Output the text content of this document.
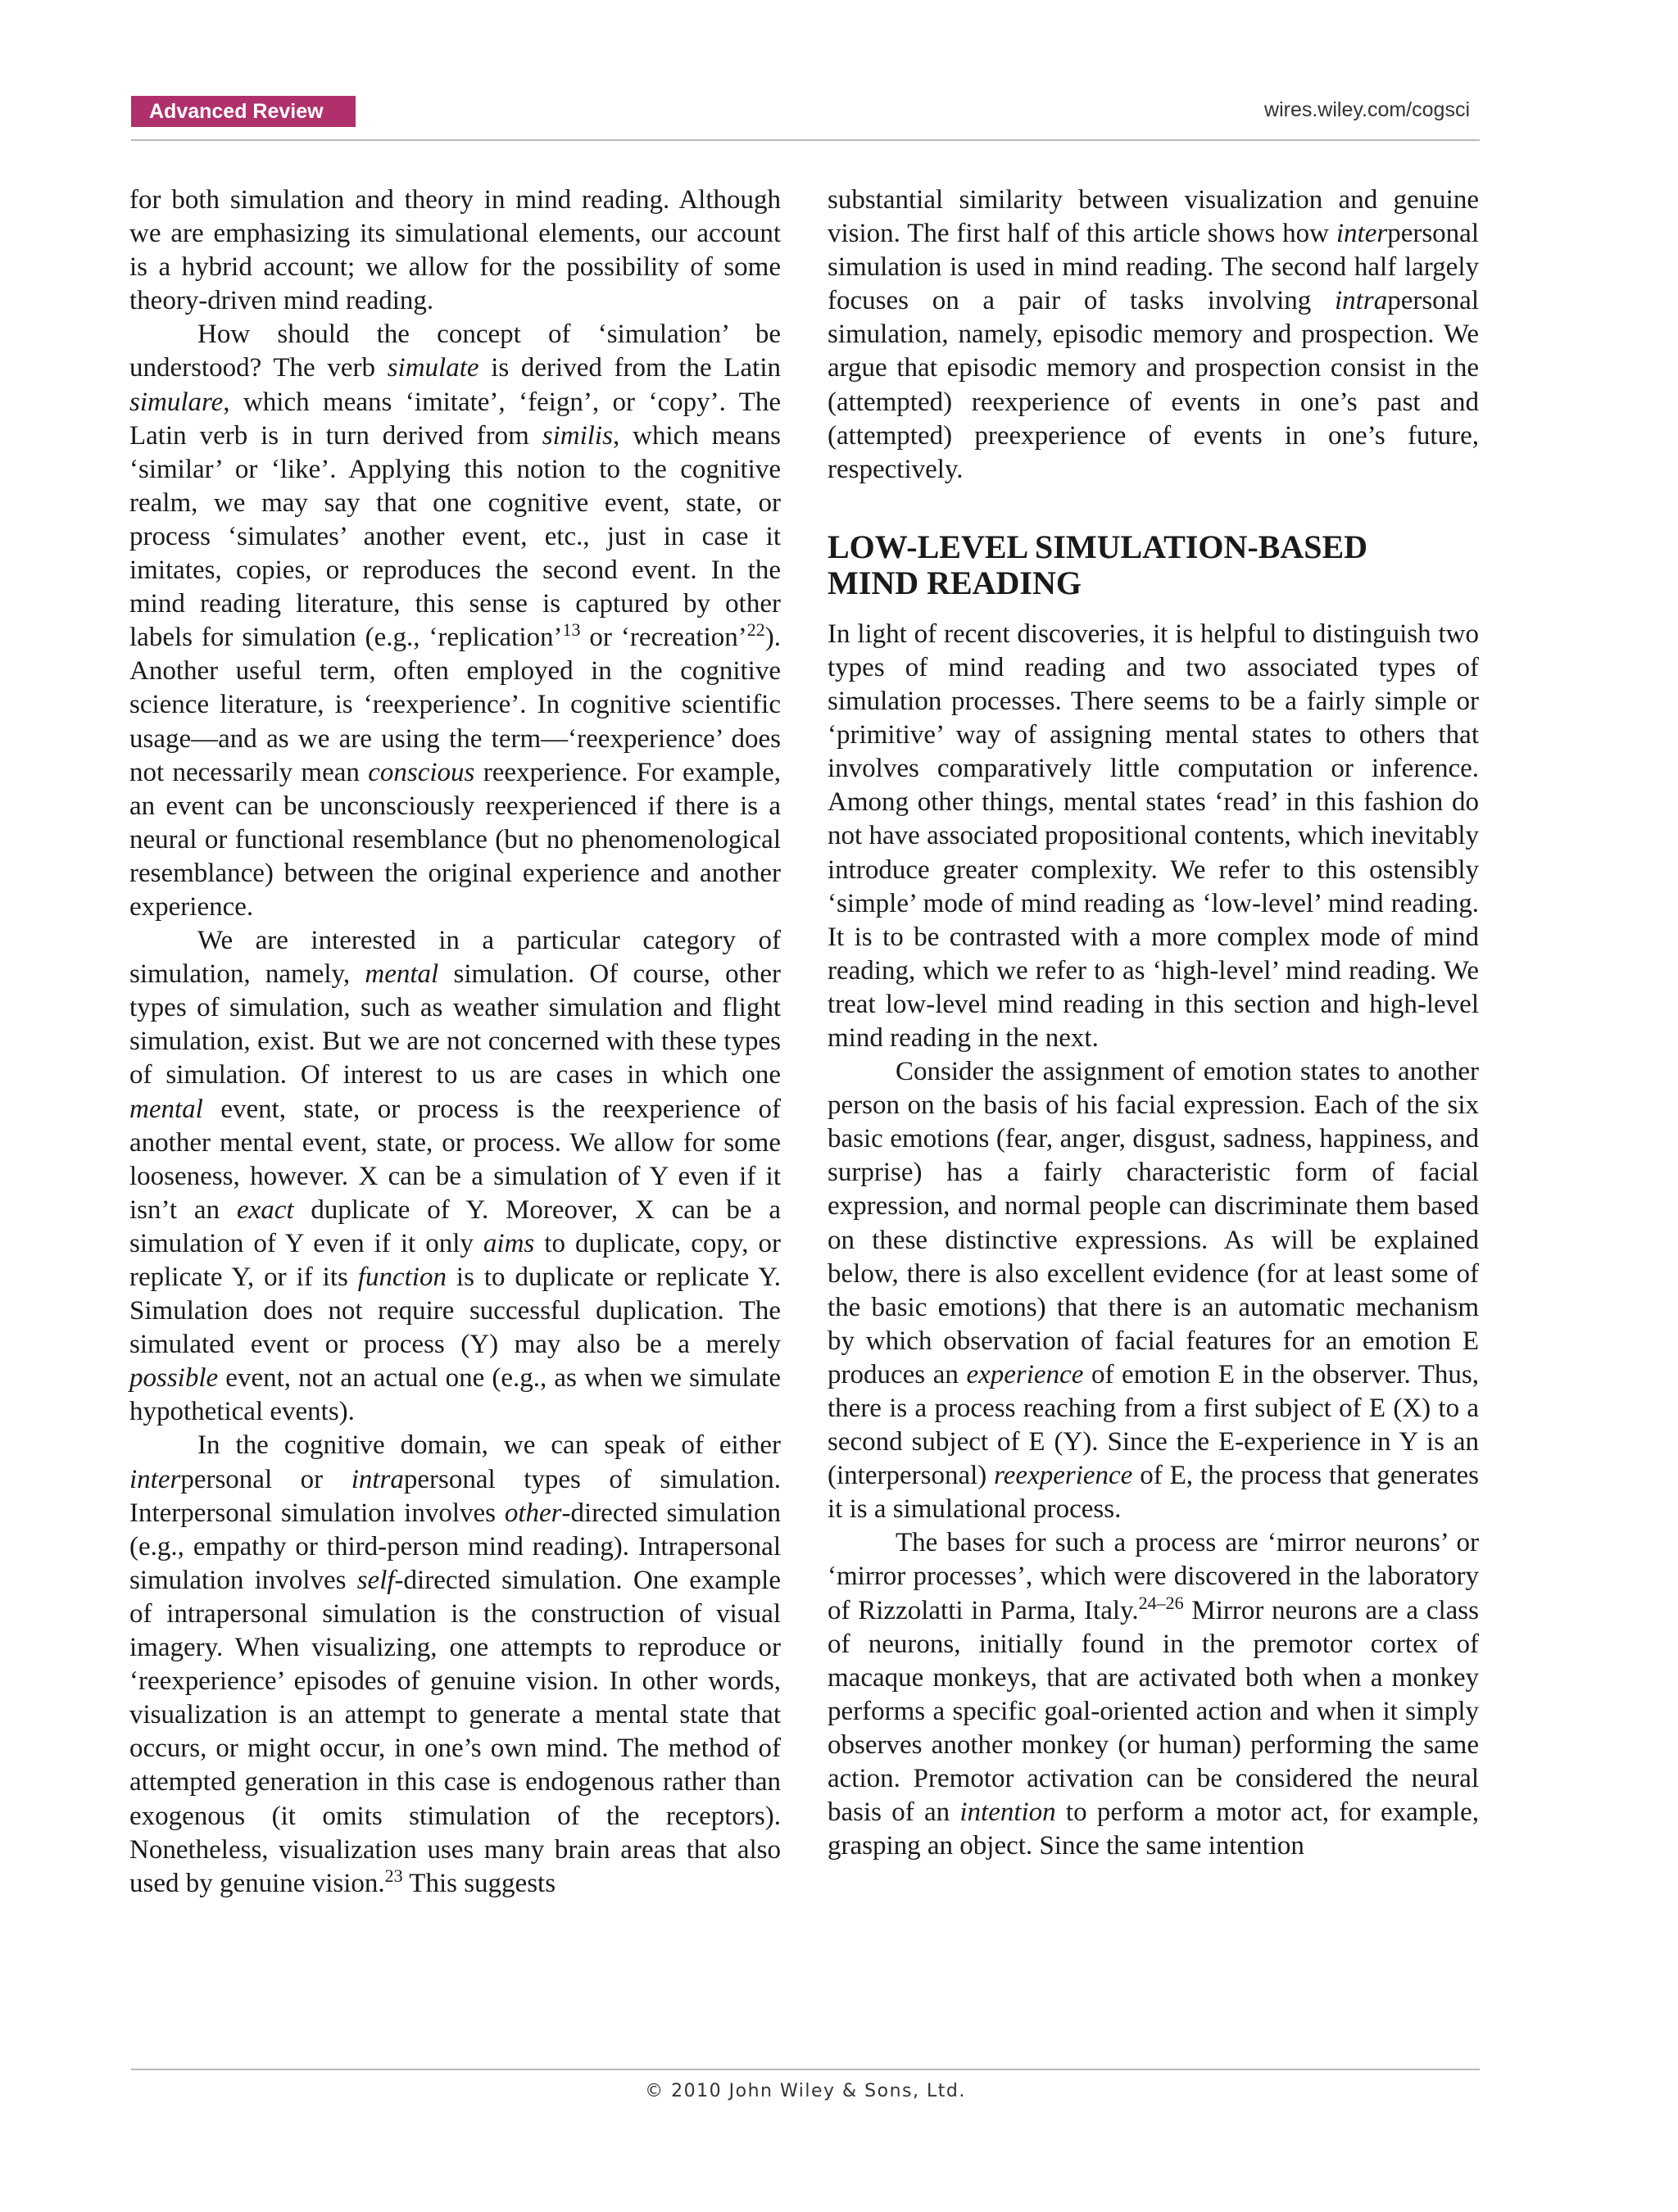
Advanced Review	wires.wiley.com/cogsci

for both simulation and theory in mind reading. Although we are emphasizing its simulational elements, our account is a hybrid account; we allow for the possibility of some theory-driven mind reading.

How should the concept of ‘simulation’ be understood? The verb simulate is derived from the Latin simulare, which means ‘imitate’, ‘feign’, or ‘copy’. The Latin verb is in turn derived from similis, which means ‘similar’ or ‘like’. Applying this notion to the cognitive realm, we may say that one cognitive event, state, or process ‘simulates’ another event, etc., just in case it imitates, copies, or reproduces the second event. In the mind reading literature, this sense is captured by other labels for simulation (e.g., ‘replication’$^{13}$ or ‘recreation’$^{22}$). Another useful term, often employed in the cognitive science literature, is ‘reexperience’. In cognitive scientific usage—and as we are using the term—‘reexperience’ does not necessarily mean conscious reexperience. For example, an event can be unconsciously reexperienced if there is a neural or functional resemblance (but no phenomenological resemblance) between the original experience and another experience.

We are interested in a particular category of simulation, namely, mental simulation. Of course, other types of simulation, such as weather simulation and flight simulation, exist. But we are not concerned with these types of simulation. Of interest to us are cases in which one mental event, state, or process is the reexperience of another mental event, state, or process. We allow for some looseness, however. X can be a simulation of Y even if it isn’t an exact duplicate of Y. Moreover, X can be a simulation of Y even if it only aims to duplicate, copy, or replicate Y, or if its function is to duplicate or replicate Y. Simulation does not require successful duplication. The simulated event or process (Y) may also be a merely possible event, not an actual one (e.g., as when we simulate hypothetical events).

In the cognitive domain, we can speak of either interpersonal or intrapersonal types of simulation. Interpersonal simulation involves other-directed simulation (e.g., empathy or third-person mind reading). Intrapersonal simulation involves self-directed simulation. One example of intrapersonal simulation is the construction of visual imagery. When visualizing, one attempts to reproduce or ‘reexperience’ episodes of genuine vision. In other words, visualization is an attempt to generate a mental state that occurs, or might occur, in one’s own mind. The method of attempted generation in this case is endogenous rather than exogenous (it omits stimulation of the receptors). Nonetheless, visualization uses many brain areas that also used by genuine vision.$^{23}$ This suggests

substantial similarity between visualization and genuine vision. The first half of this article shows how interpersonal simulation is used in mind reading. The second half largely focuses on a pair of tasks involving intrapersonal simulation, namely, episodic memory and prospection. We argue that episodic memory and prospection consist in the (attempted) reexperience of events in one’s past and (attempted) preexperience of events in one’s future, respectively.

LOW-LEVEL SIMULATION-BASED
MIND READING

In light of recent discoveries, it is helpful to distinguish two types of mind reading and two associated types of simulation processes. There seems to be a fairly simple or ‘primitive’ way of assigning mental states to others that involves comparatively little computation or inference. Among other things, mental states ‘read’ in this fashion do not have associated propositional contents, which inevitably introduce greater complexity. We refer to this ostensibly ‘simple’ mode of mind reading as ‘low-level’ mind reading. It is to be contrasted with a more complex mode of mind reading, which we refer to as ‘high-level’ mind reading. We treat low-level mind reading in this section and high-level mind reading in the next.

Consider the assignment of emotion states to another person on the basis of his facial expression. Each of the six basic emotions (fear, anger, disgust, sadness, happiness, and surprise) has a fairly characteristic form of facial expression, and normal people can discriminate them based on these distinctive expressions. As will be explained below, there is also excellent evidence (for at least some of the basic emotions) that there is an automatic mechanism by which observation of facial features for an emotion E produces an experience of emotion E in the observer. Thus, there is a process reaching from a first subject of E (X) to a second subject of E (Y). Since the E-experience in Y is an (interpersonal) reexperience of E, the process that generates it is a simulational process.

The bases for such a process are ‘mirror neurons’ or ‘mirror processes’, which were discovered in the laboratory of Rizzolatti in Parma, Italy.$^{24-26}$ Mirror neurons are a class of neurons, initially found in the premotor cortex of macaque monkeys, that are activated both when a monkey performs a specific goal-oriented action and when it simply observes another monkey (or human) performing the same action. Premotor activation can be considered the neural basis of an intention to perform a motor act, for example, grasping an object. Since the same intention

© 2010 John Wiley & Sons, Ltd.
